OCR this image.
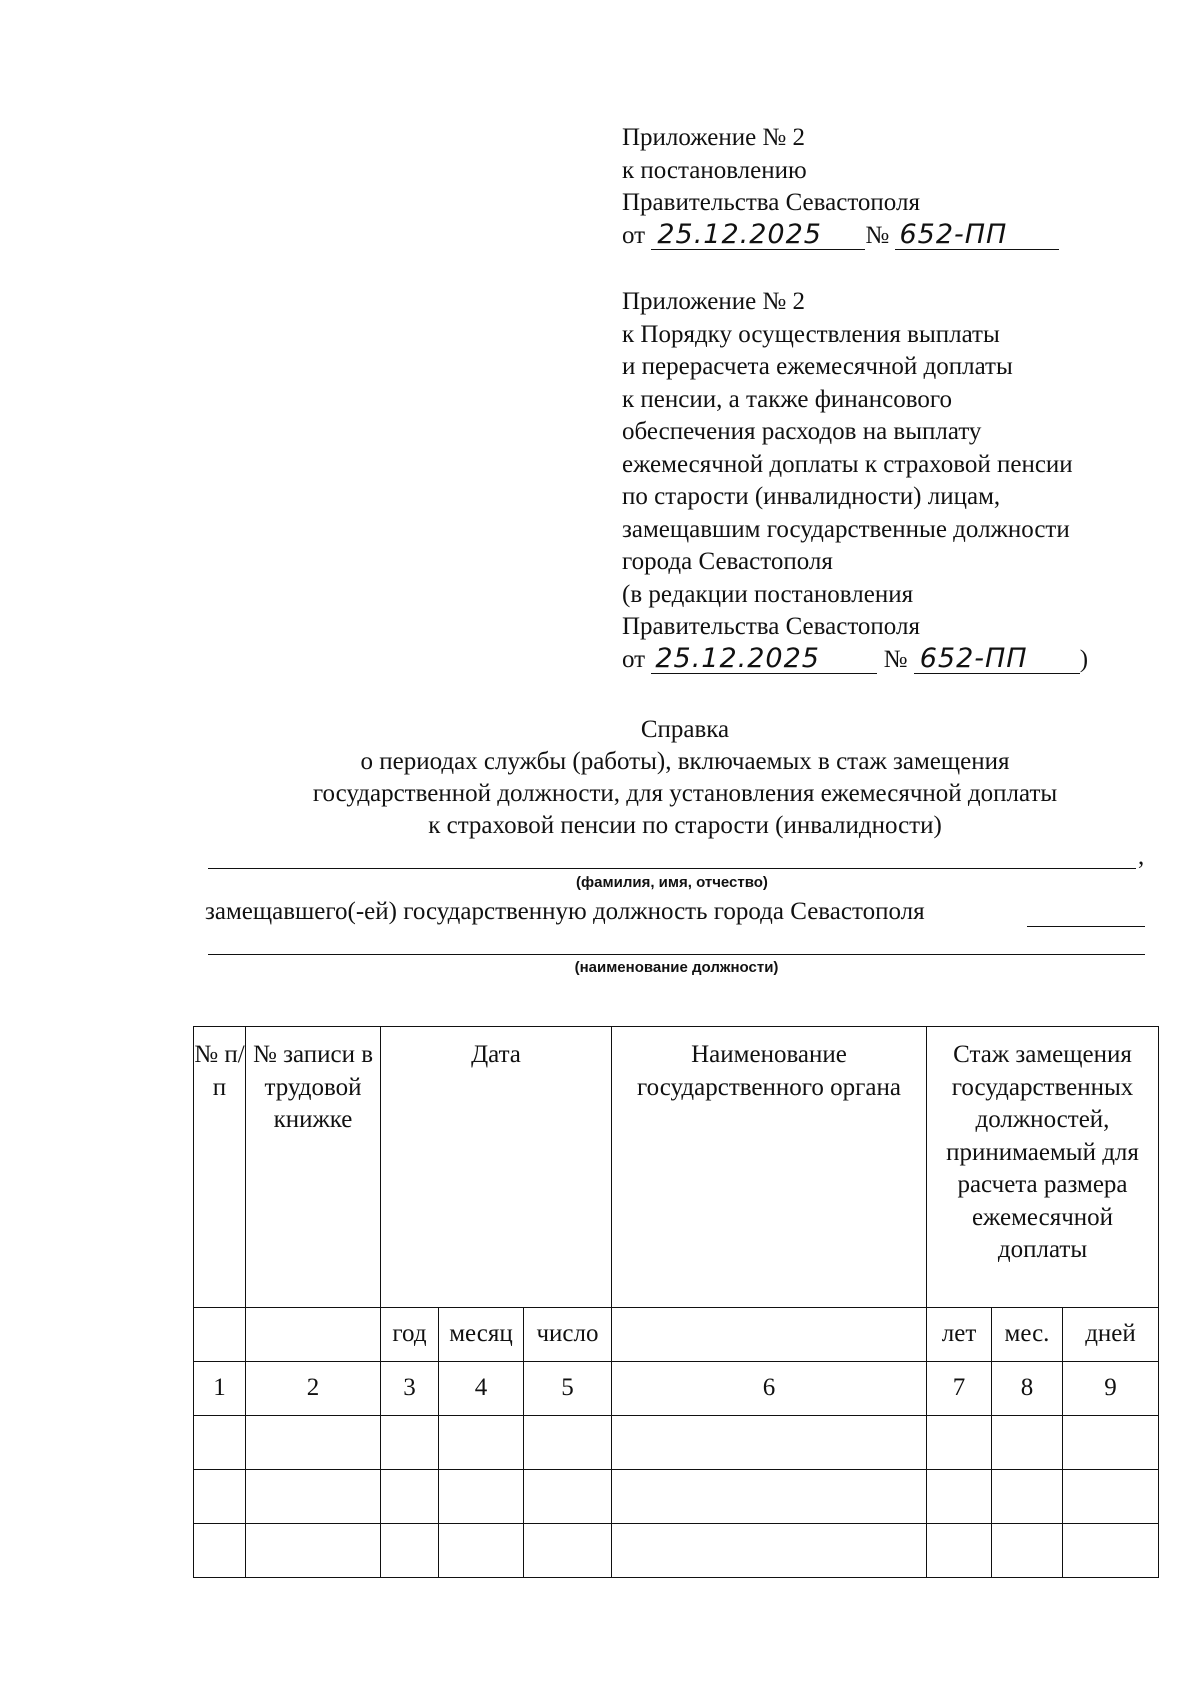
Приложение № 2
к постановлению
Правительства Севастополя
от 25.12.2025 № 652-ПП
Приложение № 2
к Порядку осуществления выплаты
и перерасчета ежемесячной доплаты
к пенсии, а также финансового
обеспечения расходов на выплату
ежемесячной доплаты к страховой пенсии
по старости (инвалидности) лицам,
замещавшим государственные должности
города Севастополя
(в редакции постановления
Правительства Севастополя
от 25.12.2025	№ 652-ПП )
Справка
о периодах службы (работы), включаемых в стаж замещения
государственной должности, для установления ежемесячной доплаты
к страховой пенсии по старости (инвалидности)
,
(фамилия, имя, отчество)
замещавшего(-ей) государственную должность города Севастополя
(наименование должности)
№ п/п	№ записи в трудовой книжке	Дата			Наименование государственного органа	Стаж замещения государственных должностей, принимаемый для расчета размера ежемесячной доплаты		
		год	месяц	число		лет	мес.	дней
1	2	3	4	5	6	7	8	9
